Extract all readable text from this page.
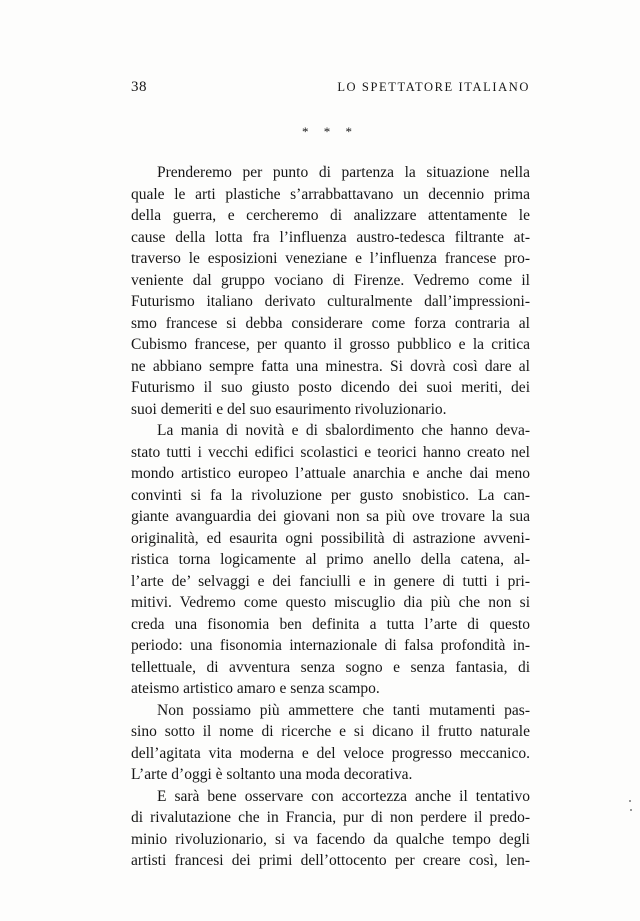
38	LO SPETTATORE ITALIANO
* * *
Prenderemo per punto di partenza la situazione nella
quale le arti plastiche s’arrabbattavano un decennio prima
della guerra, e cercheremo di analizzare attentamente le
cause della lotta fra l’influenza austro-tedesca filtrante at-
traverso le esposizioni veneziane e l’influenza francese pro-
veniente dal gruppo vociano di Firenze. Vedremo come il
Futurismo italiano derivato culturalmente dall’impressioni-
smo francese si debba considerare come forza contraria al
Cubismo francese, per quanto il grosso pubblico e la critica
ne abbiano sempre fatta una minestra. Si dovrà così dare al
Futurismo il suo giusto posto dicendo dei suoi meriti, dei
suoi demeriti e del suo esaurimento rivoluzionario.
La mania di novità e di sbalordimento che hanno deva-
stato tutti i vecchi edifici scolastici e teorici hanno creato nel
mondo artistico europeo l’attuale anarchia e anche dai meno
convinti si fa la rivoluzione per gusto snobistico. La can-
giante avanguardia dei giovani non sa più ove trovare la sua
originalità, ed esaurita ogni possibilità di astrazione avveni-
ristica torna logicamente al primo anello della catena, al-
l’arte de’ selvaggi e dei fanciulli e in genere di tutti i pri-
mitivi. Vedremo come questo miscuglio dia più che non si
creda una fisonomia ben definita a tutta l’arte di questo
periodo: una fisonomia internazionale di falsa profondità in-
tellettuale, di avventura senza sogno e senza fantasia, di
ateismo artistico amaro e senza scampo.
Non possiamo più ammettere che tanti mutamenti pas-
sino sotto il nome di ricerche e si dicano il frutto naturale
dell’agitata vita moderna e del veloce progresso meccanico.
L’arte d’oggi è soltanto una moda decorativa.
E sarà bene osservare con accortezza anche il tentativo
di rivalutazione che in Francia, pur di non perdere il predo-
minio rivoluzionario, si va facendo da qualche tempo degli
artisti francesi dei primi dell’ottocento per creare così, len-
